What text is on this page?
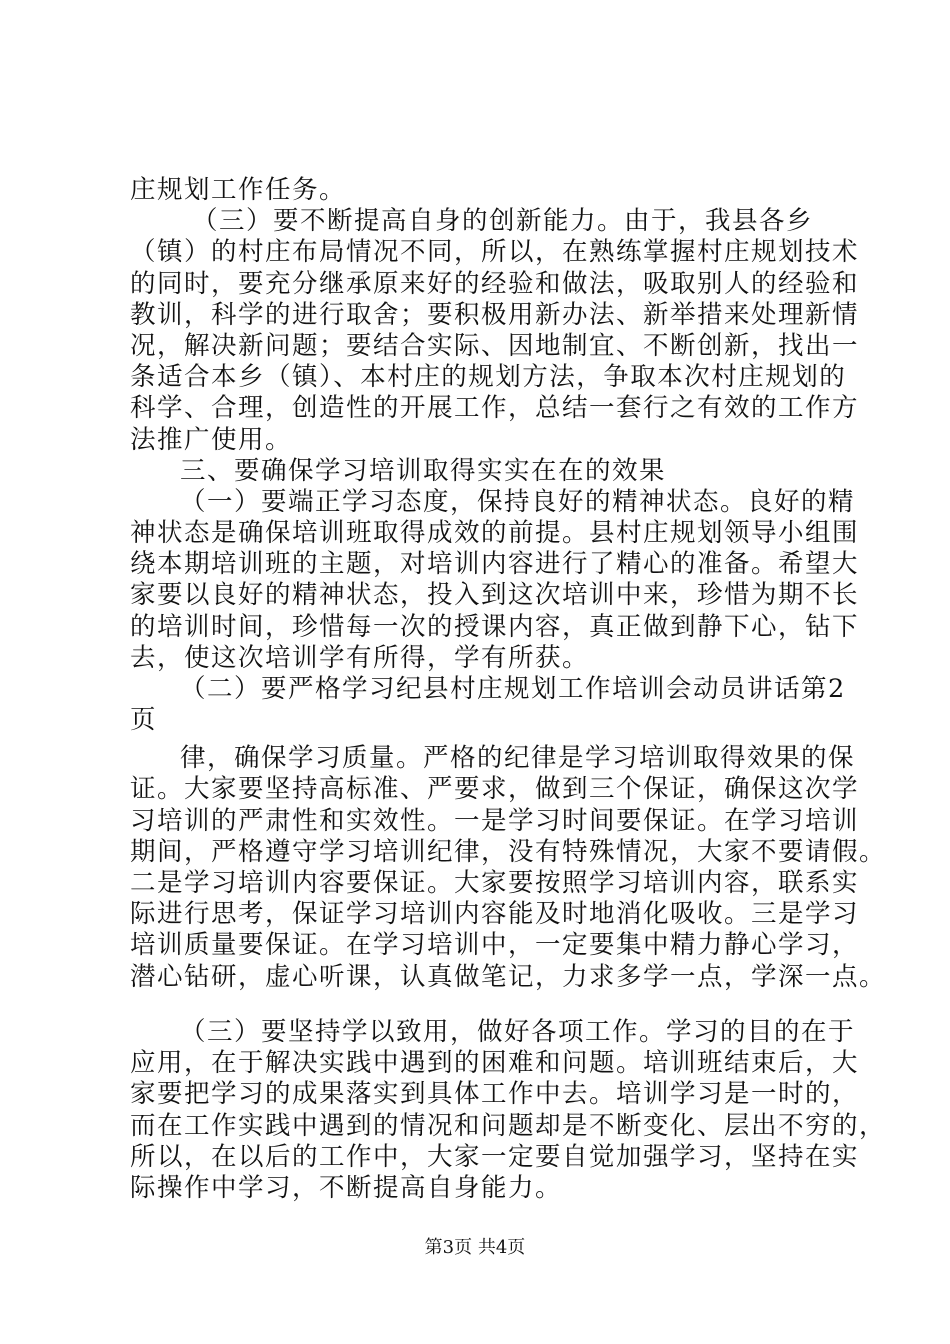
庄规划工作任务。
（三）要不断提高自身的创新能力。由于，我县各乡
（镇）的村庄布局情况不同，所以，在熟练掌握村庄规划技术
的同时，要充分继承原来好的经验和做法，吸取别人的经验和
教训，科学的进行取舍；要积极用新办法、新举措来处理新情
况，解决新问题；要结合实际、因地制宜、不断创新，找出一
条适合本乡（镇）、本村庄的规划方法，争取本次村庄规划的
科学、合理，创造性的开展工作，总结一套行之有效的工作方
法推广使用。
三、要确保学习培训取得实实在在的效果
（一）要端正学习态度，保持良好的精神状态。良好的精
神状态是确保培训班取得成效的前提。县村庄规划领导小组围
绕本期培训班的主题，对培训内容进行了精心的准备。希望大
家要以良好的精神状态，投入到这次培训中来，珍惜为期不长
的培训时间，珍惜每一次的授课内容，真正做到静下心，钻下
去，使这次培训学有所得，学有所获。
（二）要严格学习纪县村庄规划工作培训会动员讲话第2
页
律，确保学习质量。严格的纪律是学习培训取得效果的保
证。大家要坚持高标准、严要求，做到三个保证，确保这次学
习培训的严肃性和实效性。一是学习时间要保证。在学习培训
期间，严格遵守学习培训纪律，没有特殊情况，大家不要请假。
二是学习培训内容要保证。大家要按照学习培训内容，联系实
际进行思考，保证学习培训内容能及时地消化吸收。三是学习
培训质量要保证。在学习培训中，一定要集中精力静心学习，
潜心钻研，虚心听课，认真做笔记，力求多学一点，学深一点。
（三）要坚持学以致用，做好各项工作。学习的目的在于
应用，在于解决实践中遇到的困难和问题。培训班结束后，大
家要把学习的成果落实到具体工作中去。培训学习是一时的，
而在工作实践中遇到的情况和问题却是不断变化、层出不穷的，
所以，在以后的工作中，大家一定要自觉加强学习，坚持在实
际操作中学习，不断提高自身能力。
第3页 共4页
